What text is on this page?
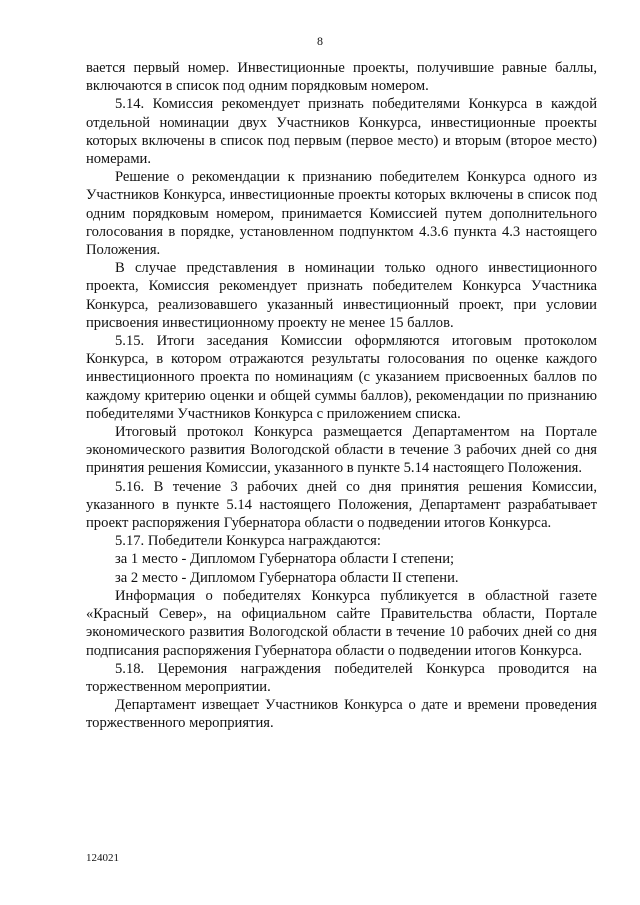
8

вается первый номер. Инвестиционные проекты, получившие равные баллы, включаются в список под одним порядковым номером.

5.14. Комиссия рекомендует признать победителями Конкурса в каждой отдельной номинации двух Участников Конкурса, инвестиционные проекты которых включены в список под первым (первое место) и вторым (второе место) номерами.

Решение о рекомендации к признанию победителем Конкурса одного из Участников Конкурса, инвестиционные проекты которых включены в список под одним порядковым номером, принимается Комиссией путем дополнительного голосования в порядке, установленном подпунктом 4.3.6 пункта 4.3 настоящего Положения.

В случае представления в номинации только одного инвестиционного проекта, Комиссия рекомендует признать победителем Конкурса Участника Конкурса, реализовавшего указанный инвестиционный проект, при условии присвоения инвестиционному проекту не менее 15 баллов.

5.15. Итоги заседания Комиссии оформляются итоговым протоколом Конкурса, в котором отражаются результаты голосования по оценке каждого инвестиционного проекта по номинациям (с указанием присвоенных баллов по каждому критерию оценки и общей суммы баллов), рекомендации по признанию победителями Участников Конкурса с приложением списка.

Итоговый протокол Конкурса размещается Департаментом на Портале экономического развития Вологодской области в течение 3 рабочих дней со дня принятия решения Комиссии, указанного в пункте 5.14 настоящего Положения.

5.16. В течение 3 рабочих дней со дня принятия решения Комиссии, указанного в пункте 5.14 настоящего Положения, Департамент разрабатывает проект распоряжения Губернатора области о подведении итогов Конкурса.

5.17. Победители Конкурса награждаются:

за 1 место - Дипломом Губернатора области I степени;

за 2 место - Дипломом Губернатора области II степени.

Информация о победителях Конкурса публикуется в областной газете «Красный Север», на официальном сайте Правительства области, Портале экономического развития Вологодской области в течение 10 рабочих дней со дня подписания распоряжения Губернатора области о подведении итогов Конкурса.

5.18. Церемония награждения победителей Конкурса проводится на торжественном мероприятии.

Департамент извещает Участников Конкурса о дате и времени проведения торжественного мероприятия.

124021
